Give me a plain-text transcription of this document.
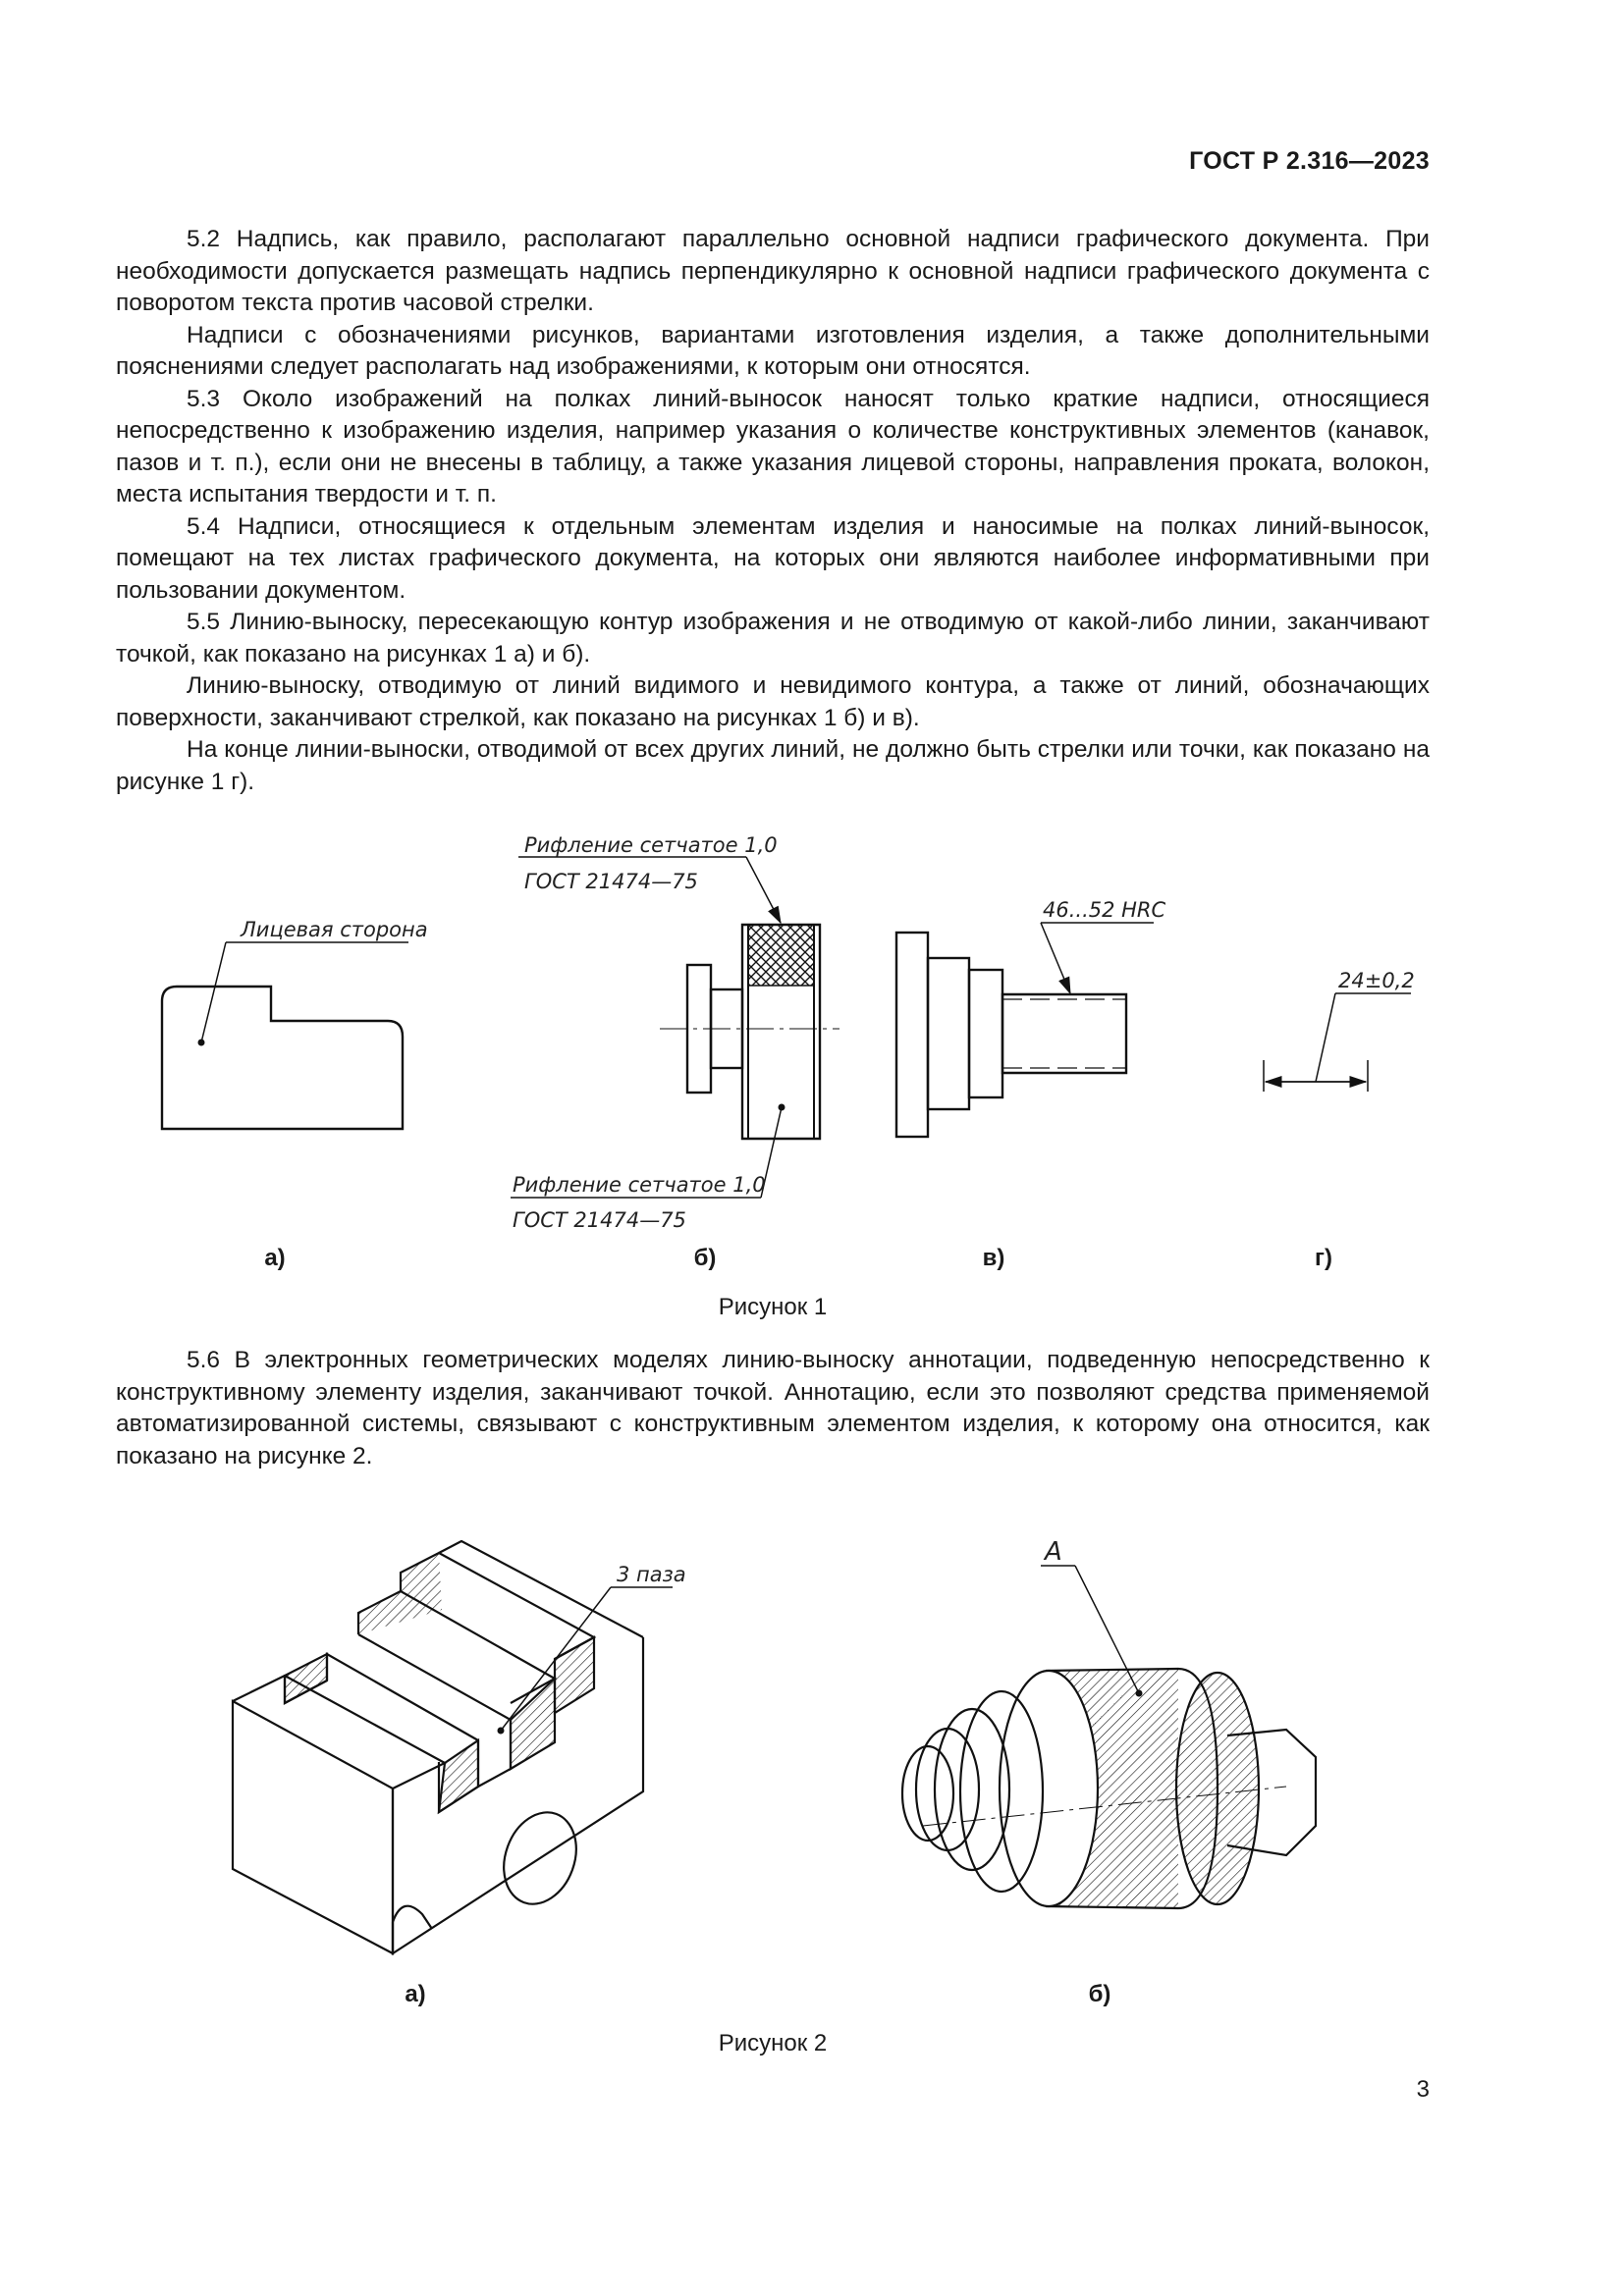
ГОСТ Р 2.316—2023

5.2 Надпись, как правило, располагают параллельно основной надписи графического документа. При необходимости допускается размещать надпись перпендикулярно к основной надписи графического документа с поворотом текста против часовой стрелки.

Надписи с обозначениями рисунков, вариантами изготовления изделия, а также дополнительными пояснениями следует располагать над изображениями, к которым они относятся.

5.3 Около изображений на полках линий-выносок наносят только краткие надписи, относящиеся непосредственно к изображению изделия, например указания о количестве конструктивных элементов (канавок, пазов и т. п.), если они не внесены в таблицу, а также указания лицевой стороны, направления проката, волокон, места испытания твердости и т. п.

5.4 Надписи, относящиеся к отдельным элементам изделия и наносимые на полках линий-выносок, помещают на тех листах графического документа, на которых они являются наиболее информативными при пользовании документом.

5.5 Линию-выноску, пересекающую контур изображения и не отводимую от какой-либо линии, заканчивают точкой, как показано на рисунках 1 а) и б).

Линию-выноску, отводимую от линий видимого и невидимого контура, а также от линий, обозначающих поверхности, заканчивают стрелкой, как показано на рисунках 1 б) и в).

На конце линии-выноски, отводимой от всех других линий, не должно быть стрелки или точки, как показано на рисунке 1 г).

Лицевая сторона
Рифление сетчатое 1,0
ГОСТ 21474—75
Рифление сетчатое 1,0
ГОСТ 21474—75
46...52 HRC
24±0,2
а)	б)	в)	г)
Рисунок 1

5.6 В электронных геометрических моделях линию-выноску аннотации, подведенную непосредственно к конструктивному элементу изделия, заканчивают точкой. Аннотацию, если это позволяют средства применяемой автоматизированной системы, связывают с конструктивным элементом изделия, к которому она относится, как показано на рисунке 2.

3 паза
А
а)	б)
Рисунок 2
3
